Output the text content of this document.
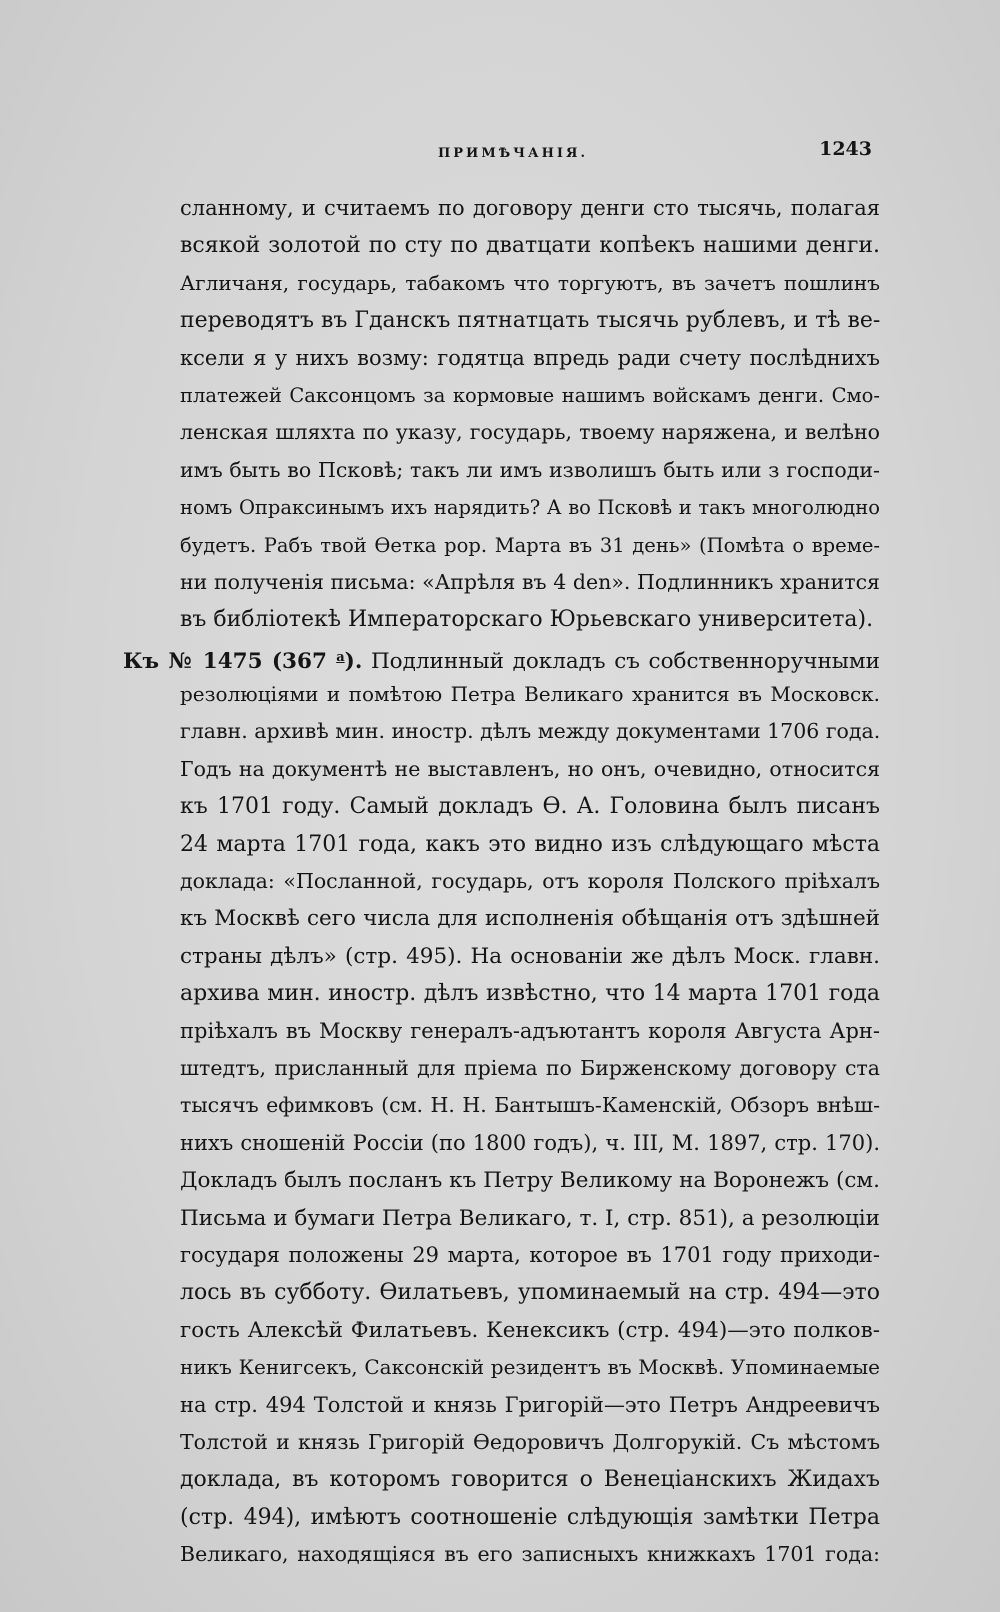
ПРИМѢЧАНІЯ.	1243
сланному, и считаемъ по договору денги сто тысячь, полагая
всякой золотой по сту по дватцати копѣекъ нашими денги.
Агличаня, государь, табакомъ что торгуютъ, въ зачетъ пошлинъ
переводятъ въ Гданскъ пятнатцать тысячь рублевъ, и тѣ ве-
ксели я у нихъ возму: годятца впредь ради счету послѣднихъ
платежей Саксонцомъ за кормовые нашимъ войскамъ денги. Смо-
ленская шляхта по указу, государь, твоему наряжена, и велѣно
имъ быть во Псковѣ; такъ ли имъ изволишъ быть или з господи-
номъ Опраксинымъ ихъ нарядить? А во Псковѣ и такъ многолюдно
будетъ. Рабъ твой Ѳетка рор. Марта въ 31 день» (Помѣта о време-
ни полученія письма: «Апрѣля въ 4 den». Подлинникъ хранится
въ библіотекѣ Императорскаго Юрьевскаго университета).
Къ № 1475 (367 $^а$). Подлинный докладъ съ собственноручными
резолюціями и помѣтою Петра Великаго хранится въ Московск.
главн. архивѣ мин. иностр. дѣлъ между документами 1706 года.
Годъ на документѣ не выставленъ, но онъ, очевидно, относится
къ 1701 году. Самый докладъ Ѳ. А. Головина былъ писанъ
24 марта 1701 года, какъ это видно изъ слѣдующаго мѣста
доклада: «Посланной, государь, отъ короля Полского пріѣхалъ
къ Москвѣ сего числа для исполненія обѣщанія отъ здѣшней
страны дѣлъ» (стр. 495). На основаніи же дѣлъ Моск. главн.
архива мин. иностр. дѣлъ извѣстно, что 14 марта 1701 года
пріѣхалъ въ Москву генералъ-адъютантъ короля Августа Арн-
штедтъ, присланный для пріема по Бирженскому договору ста
тысячъ ефимковъ (см. Н. Н. Бантышъ-Каменскій, Обзоръ внѣш-
нихъ сношеній Россіи (по 1800 годъ), ч. III, М. 1897, стр. 170).
Докладъ былъ посланъ къ Петру Великому на Воронежъ (см.
Письма и бумаги Петра Великаго, т. I, стр. 851), а резолюціи
государя положены 29 марта, которое въ 1701 году приходи-
лось въ субботу. Ѳилатьевъ, упоминаемый на стр. 494—это
гость Алексѣй Филатьевъ. Кенексикъ (стр. 494)—это полков-
никъ Кенигсекъ, Саксонскій резидентъ въ Москвѣ. Упоминаемые
на стр. 494 Толстой и князь Григорій—это Петръ Андреевичъ
Толстой и князь Григорій Ѳедоровичъ Долгорукій. Съ мѣстомъ
доклада, въ которомъ говорится о Венеціанскихъ Жидахъ
(стр. 494), имѣютъ соотношеніе слѣдующія замѣтки Петра
Великаго, находящіяся въ его записныхъ книжкахъ 1701 года:
